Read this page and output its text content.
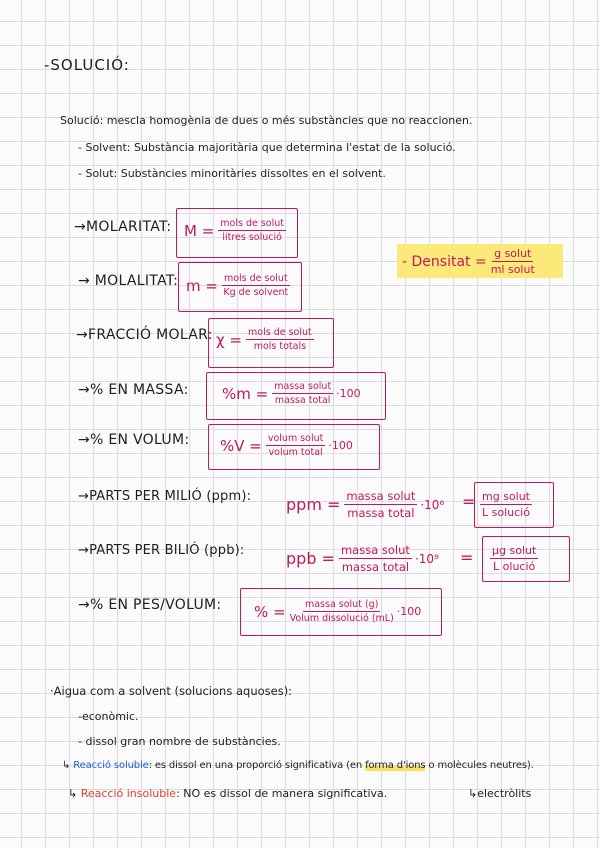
-SOLUCIÓ:
Solució: mescla homogènia de dues o més substàncies que no reaccionen.
- Solvent: Substància majoritària que determina l'estat de la solució.
- Solut: Substàncies minoritàries dissoltes en el solvent.
→MOLARITAT: $M = \frac{\text{mols de solut}}{\text{litres solució}}$
- Densitat = $\frac{\text{g solut}}{\text{ml solut}}$
→ MOLALITAT: $m = \frac{\text{mols de solut}}{\text{Kg de solvent}}$
→FRACCIÓ MOLAR: $\chi = \frac{\text{mols de solut}}{\text{mols totals}}$
→% EN MASSA: $\%m = \frac{\text{massa solut}}{\text{massa total}} \cdot 100$
→% EN VOLUM: $\%V = \frac{\text{volum solut}}{\text{volum total}} \cdot 100$
→PARTS PER MILIÓ (ppm): ppm = $\frac{\text{massa solut}}{\text{massa total}} \cdot 10^6 = \frac{\text{mg solut}}{\text{L solució}}$
→PARTS PER BILIÓ (ppb):	ppb = $\frac{\text{massa solut}}{\text{massa total}} \cdot 10^9 = \frac{\text{µg solut}}{\text{L olució}}$
→% EN PES/VOLUM: % = $\frac{\text{massa solut (g)}}{\text{Volum dissolució (mL)}} \cdot 100$
·Aigua com a solvent (solucions aquoses):
-econòmic.
- dissol gran nombre de substàncies.
↳ Reacció soluble: es dissol en una proporció significativa (en forma d'ions o molècules neutres).
↳ Reacció insoluble: NO es dissol de manera significativa.	↳electròlits
